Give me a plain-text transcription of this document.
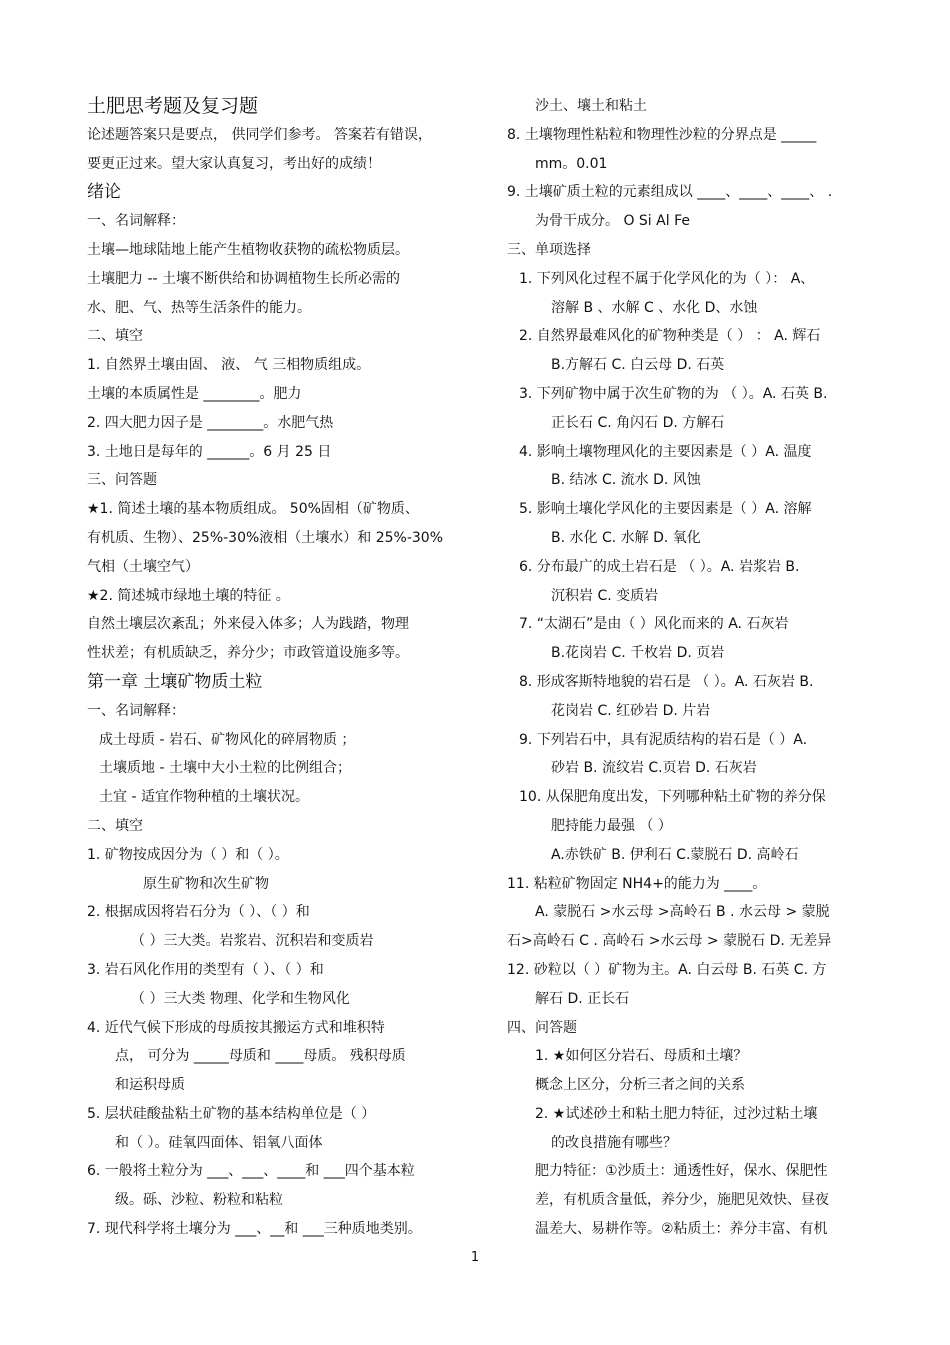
土肥思考题及复习题
论述题答案只是要点， 供同学们参考。 答案若有错误，
要更正过来。望大家认真复习，考出好的成绩！
绪论
一、名词解释：
土壤—地球陆地上能产生植物收获物的疏松物质层。
土壤肥力 -- 土壤不断供给和协调植物生长所必需的
水、肥、气、热等生活条件的能力。
二、填空
1. 自然界土壤由固、 液、 气 三相物质组成。
土壤的本质属性是 ________。肥力
2. 四大肥力因子是 ________。水肥气热
3. 土地日是每年的 ______。6 月 25 日
三、问答题
★1. 简述土壤的基本物质组成。 50%固相（矿物质、
有机质、生物）、25%-30%液相（土壤水）和 25%-30%
气相（土壤空气）
★2. 简述城市绿地土壤的特征 。
自然土壤层次紊乱；外来侵入体多；人为践踏，物理
性状差；有机质缺乏，养分少；市政管道设施多等。
第一章 土壤矿物质土粒
一、名词解释：
成土母质 - 岩石、矿物风化的碎屑物质 ；
土壤质地 - 土壤中大小土粒的比例组合；
土宜 - 适宜作物种植的土壤状况。
二、填空
1. 矿物按成因分为（ ）和（ ）。
原生矿物和次生矿物
2. 根据成因将岩石分为（ ）、（ ）和
（ ）三大类。岩浆岩、沉积岩和变质岩
3. 岩石风化作用的类型有（ ）、（ ）和
（ ）三大类 物理、化学和生物风化
4. 近代气候下形成的母质按其搬运方式和堆积特
点， 可分为 _____母质和 ____母质。 残积母质
和运积母质
5. 层状硅酸盐粘土矿物的基本结构单位是（ ）
和（ ）。硅氧四面体、铝氧八面体
6. 一般将土粒分为 ___、___、____和 ___四个基本粒
级。砾、沙粒、粉粒和粘粒
7. 现代科学将土壤分为 ___、__和 ___三种质地类别。
沙土、壤土和粘土
8. 土壤物理性粘粒和物理性沙粒的分界点是 _____
mm。0.01
9. 土壤矿质土粒的元素组成以 ____、____、____、 .
为骨干成分。 O Si Al Fe
三、单项选择
1. 下列风化过程不属于化学风化的为（ ）： A、
溶解 B 、水解 C 、水化 D、水蚀
2. 自然界最难风化的矿物种类是（ ） ： A. 辉石
B.方解石 C. 白云母 D. 石英
3. 下列矿物中属于次生矿物的为 （ ）。A. 石英 B.
正长石 C. 角闪石 D. 方解石
4. 影响土壤物理风化的主要因素是（ ）A. 温度
B. 结冰 C. 流水 D. 风蚀
5. 影响土壤化学风化的主要因素是（ ）A. 溶解
B. 水化 C. 水解 D. 氧化
6. 分布最广的成土岩石是 （ ）。A. 岩浆岩 B.
沉积岩 C. 变质岩
7. “太湖石”是由（ ）风化而来的 A. 石灰岩
B.花岗岩 C. 千枚岩 D. 页岩
8. 形成客斯特地貌的岩石是 （ ）。A. 石灰岩 B.
花岗岩 C. 红砂岩 D. 片岩
9. 下列岩石中，具有泥质结构的岩石是（ ）A.
砂岩 B. 流纹岩 C.页岩 D. 石灰岩
10. 从保肥角度出发，下列哪种粘土矿物的养分保
肥持能力最强 （ ）
A.赤铁矿 B. 伊利石 C.蒙脱石 D. 高岭石
11. 粘粒矿物固定 NH4+的能力为 ____。
A. 蒙脱石 >水云母 >高岭石 B . 水云母 > 蒙脱
石>高岭石 C . 高岭石 >水云母 > 蒙脱石 D. 无差异
12. 砂粒以（ ）矿物为主。A. 白云母 B. 石英 C. 方
解石 D. 正长石
四、问答题
1. ★如何区分岩石、母质和土壤？
概念上区分，分析三者之间的关系
2. ★试述砂土和粘土肥力特征，过沙过粘土壤
的改良措施有哪些？
肥力特征：①沙质土：通透性好，保水、保肥性
差，有机质含量低，养分少，施肥见效快、昼夜
温差大、易耕作等。②粘质土：养分丰富、有机
1
